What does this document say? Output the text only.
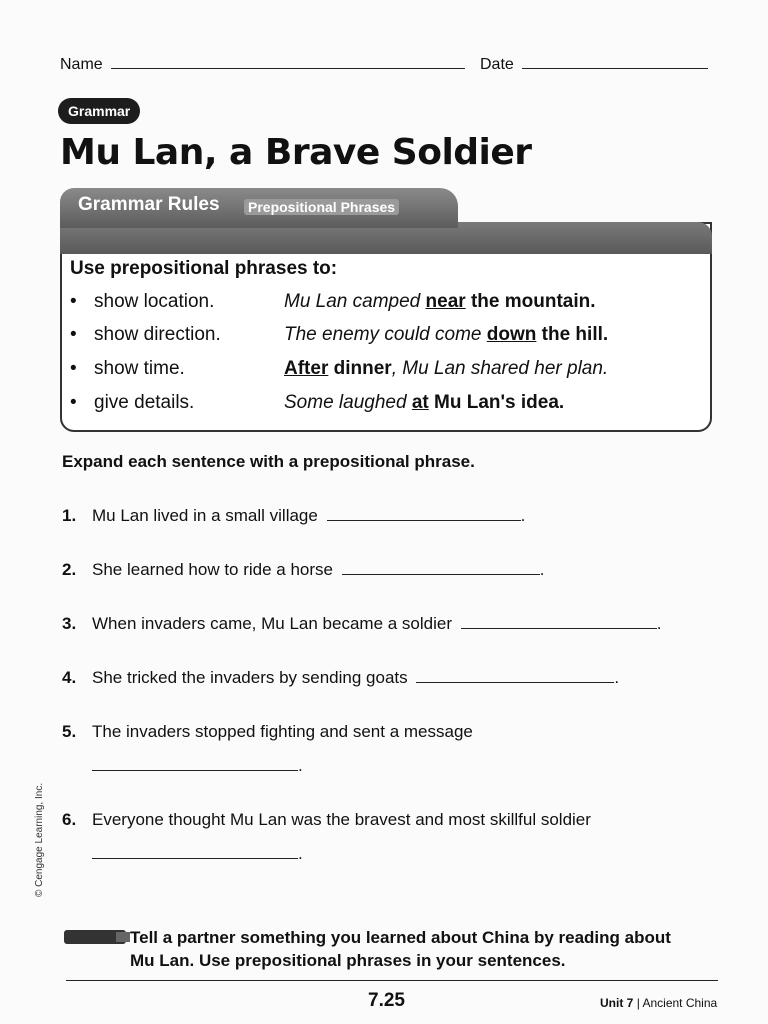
Name	Date
Grammar
Mu Lan, a Brave Soldier
Grammar Rules Prepositional Phrases
Use prepositional phrases to:
• show location.	Mu Lan camped near the mountain.
• show direction.	The enemy could come down the hill.
• show time.	After dinner, Mu Lan shared her plan.
• give details.	Some laughed at Mu Lan's idea.
Expand each sentence with a prepositional phrase.
1. Mu Lan lived in a small village	.
2. She learned how to ride a horse	.
3. When invaders came, Mu Lan became a soldier	.
4. She tricked the invaders by sending goats	.
5. The invaders stopped fighting and sent a message
.
6. Everyone thought Mu Lan was the bravest and most skillful soldier
.
© Cengage Learning, Inc.
Tell a partner something you learned about China by reading about Mu Lan. Use prepositional phrases in your sentences.
7.25	Unit 7 | Ancient China
